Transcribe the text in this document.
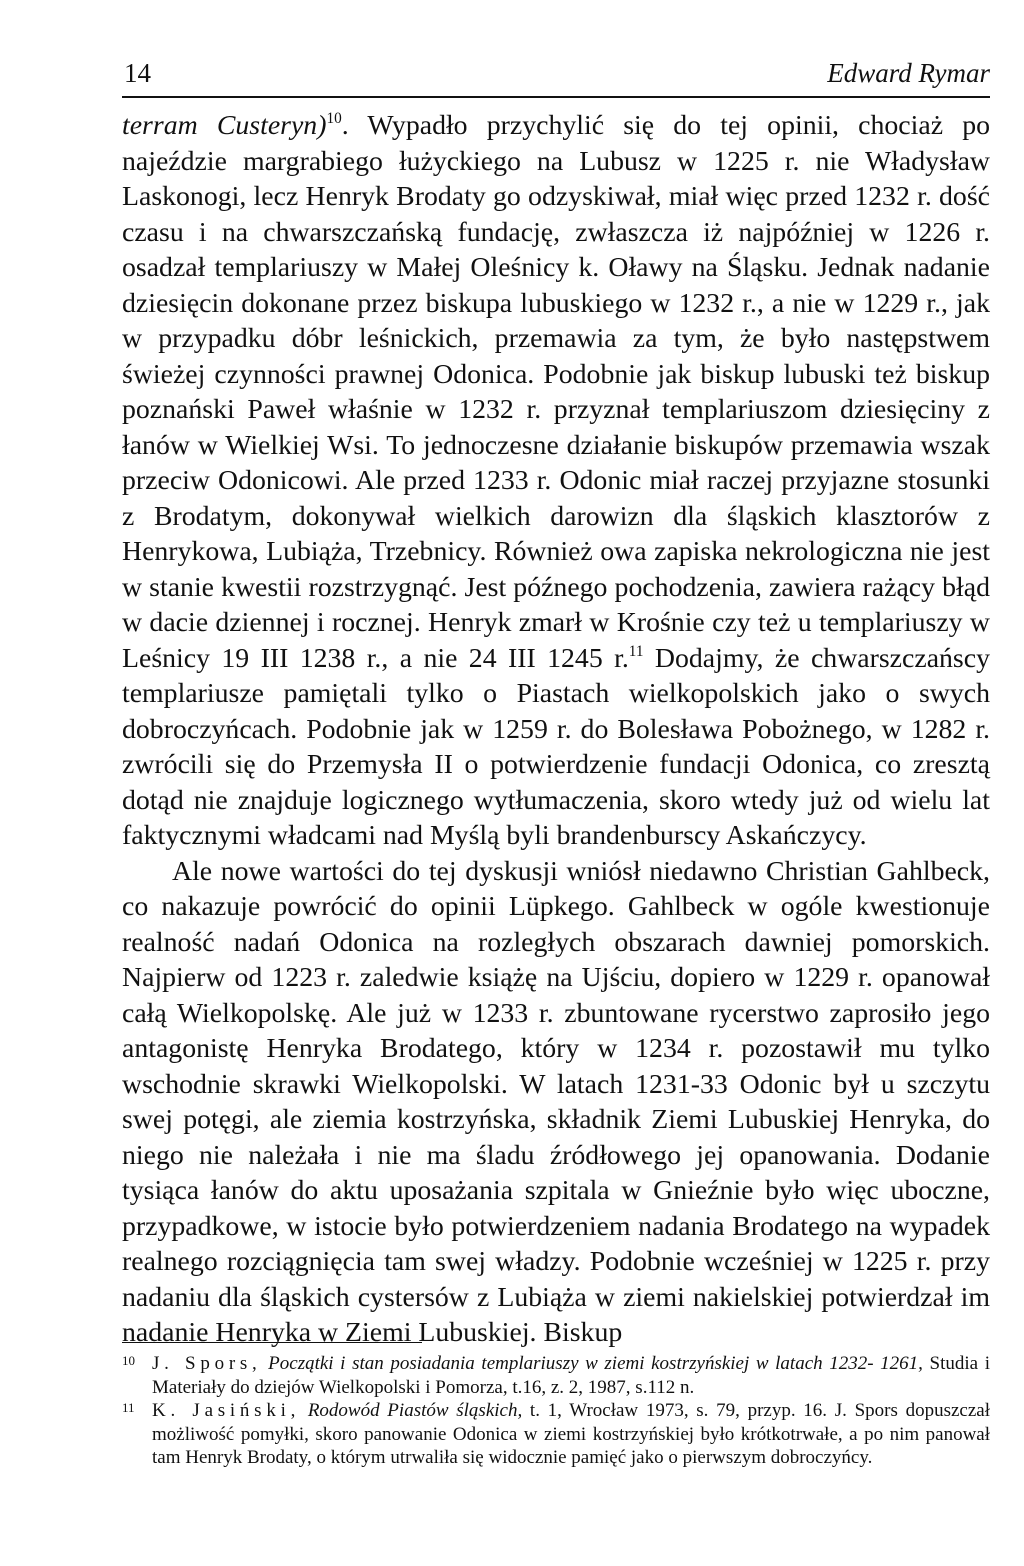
14	Edward Rymar

terram Custeryn)$^{10}$. Wypadło przychylić się do tej opinii, chociaż po najeździe margrabiego łużyckiego na Lubusz w 1225 r. nie Władysław Laskonogi, lecz Henryk Brodaty go odzyskiwał, miał więc przed 1232 r. dość czasu i na chwarszczańską fundację, zwłaszcza iż najpóźniej w 1226 r. osadzał templariuszy w Małej Oleśnicy k. Oławy na Śląsku. Jednak nadanie dziesięcin dokonane przez biskupa lubuskiego w 1232 r., a nie w 1229 r., jak w przypadku dóbr leśnickich, przemawia za tym, że było następstwem świeżej czynności prawnej Odonica. Podobnie jak biskup lubuski też biskup poznański Paweł właśnie w 1232 r. przyznał templariuszom dziesięciny z łanów w Wielkiej Wsi. To jednoczesne działanie biskupów przemawia wszak przeciw Odonicowi. Ale przed 1233 r. Odonic miał raczej przyjazne stosunki z Brodatym, dokonywał wielkich darowizn dla śląskich klasztorów z Henrykowa, Lubiąża, Trzebnicy. Również owa zapiska nekrologiczna nie jest w stanie kwestii rozstrzygnąć. Jest późnego pochodzenia, zawiera rażący błąd w dacie dziennej i rocznej. Henryk zmarł w Krośnie czy też u templariuszy w Leśnicy 19 III 1238 r., a nie 24 III 1245 r.$^{11}$ Dodajmy, że chwarszczańscy templariusze pamiętali tylko o Piastach wielkopolskich jako o swych dobroczyńcach. Podobnie jak w 1259 r. do Bolesława Pobożnego, w 1282 r. zwrócili się do Przemysła II o potwierdzenie fundacji Odonica, co zresztą dotąd nie znajduje logicznego wytłumaczenia, skoro wtedy już od wielu lat faktycznymi władcami nad Myślą byli brandenburscy Askańczycy.

Ale nowe wartości do tej dyskusji wniósł niedawno Christian Gahlbeck, co nakazuje powrócić do opinii Lüpkego. Gahlbeck w ogóle kwestionuje realność nadań Odonica na rozległych obszarach dawniej pomorskich. Najpierw od 1223 r. zaledwie książę na Ujściu, dopiero w 1229 r. opanował całą Wielkopolskę. Ale już w 1233 r. zbuntowane rycerstwo zaprosiło jego antagonistę Henryka Brodatego, który w 1234 r. pozostawił mu tylko wschodnie skrawki Wielkopolski. W latach 1231-33 Odonic był u szczytu swej potęgi, ale ziemia kostrzyńska, składnik Ziemi Lubuskiej Henryka, do niego nie należała i nie ma śladu źródłowego jej opanowania. Dodanie tysiąca łanów do aktu uposażania szpitala w Gnieźnie było więc uboczne, przypadkowe, w istocie było potwierdzeniem nadania Brodatego na wypadek realnego rozciągnięcia tam swej władzy. Podobnie wcześniej w 1225 r. przy nadaniu dla śląskich cystersów z Lubiąża w ziemi nakielskiej potwierdzał im nadanie Henryka w Ziemi Lubuskiej. Biskup

10 J. Spors, Początki i stan posiadania templariuszy w ziemi kostrzyńskiej w latach 1232- 1261, Studia i Materiały do dziejów Wielkopolski i Pomorza, t.16, z. 2, 1987, s.112 n.
11 K. Jasiński, Rodowód Piastów śląskich, t. 1, Wrocław 1973, s. 79, przyp. 16. J. Spors dopuszczał możliwość pomyłki, skoro panowanie Odonica w ziemi kostrzyńskiej było krótkotrwałe, a po nim panował tam Henryk Brodaty, o którym utrwaliła się widocznie pamięć jako o pierwszym dobroczyńcy.
